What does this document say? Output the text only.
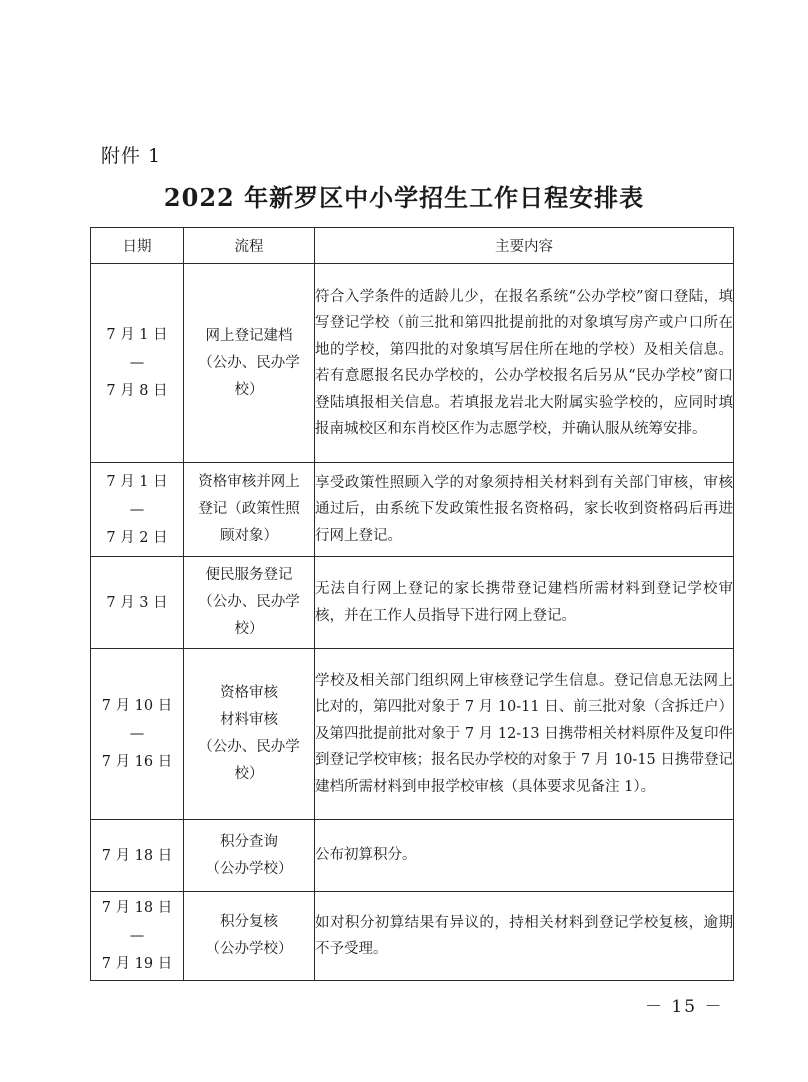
附件 1
2022 年新罗区中小学招生工作日程安排表
日期	流程	主要内容

7 月 1 日
—
7 月 8 日	网上登记建档
（公办、民办学
校）	符合入学条件的适龄儿少，在报名系统“公办学校”窗口登陆，填写登记学校（前三批和第四批提前批的对象填写房产或户口所在地的学校，第四批的对象填写居住所在地的学校）及相关信息。若有意愿报名民办学校的，公办学校报名后另从“民办学校”窗口登陆填报相关信息。若填报龙岩北大附属实验学校的，应同时填报南城校区和东肖校区作为志愿学校，并确认服从统筹安排。

7 月 1 日
—
7 月 2 日	资格审核并网上
登记（政策性照
顾对象）	享受政策性照顾入学的对象须持相关材料到有关部门审核，审核通过后，由系统下发政策性报名资格码，家长收到资格码后再进行网上登记。

7 月 3 日	便民服务登记
（公办、民办学
校）	无法自行网上登记的家长携带登记建档所需材料到登记学校审核，并在工作人员指导下进行网上登记。

7 月 10 日
—
7 月 16 日	资格审核
材料审核
（公办、民办学
校）	学校及相关部门组织网上审核登记学生信息。登记信息无法网上比对的，第四批对象于 7 月 10-11 日、前三批对象（含拆迁户）及第四批提前批对象于 7 月 12-13 日携带相关材料原件及复印件到登记学校审核；报名民办学校的对象于 7 月 10-15 日携带登记建档所需材料到申报学校审核（具体要求见备注 1）。

7 月 18 日	积分查询
（公办学校）	公布初算积分。

7 月 18 日
—
7 月 19 日	积分复核
（公办学校）	如对积分初算结果有异议的，持相关材料到登记学校复核，逾期不予受理。
－ 15 －
